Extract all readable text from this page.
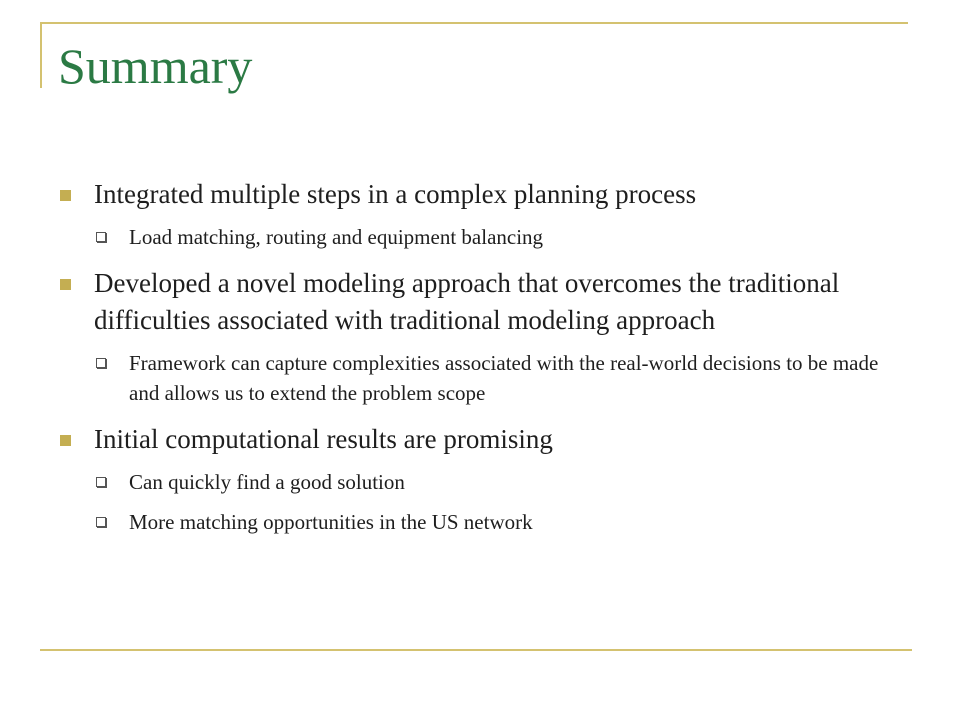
Summary
Integrated multiple steps in a complex planning process
Load matching, routing and equipment balancing
Developed a novel modeling approach that overcomes the traditional difficulties associated with traditional modeling approach
Framework can capture complexities associated with the real-world decisions to be made and allows us to extend the problem scope
Initial computational results are promising
Can quickly find a good solution
More matching opportunities in the US network
